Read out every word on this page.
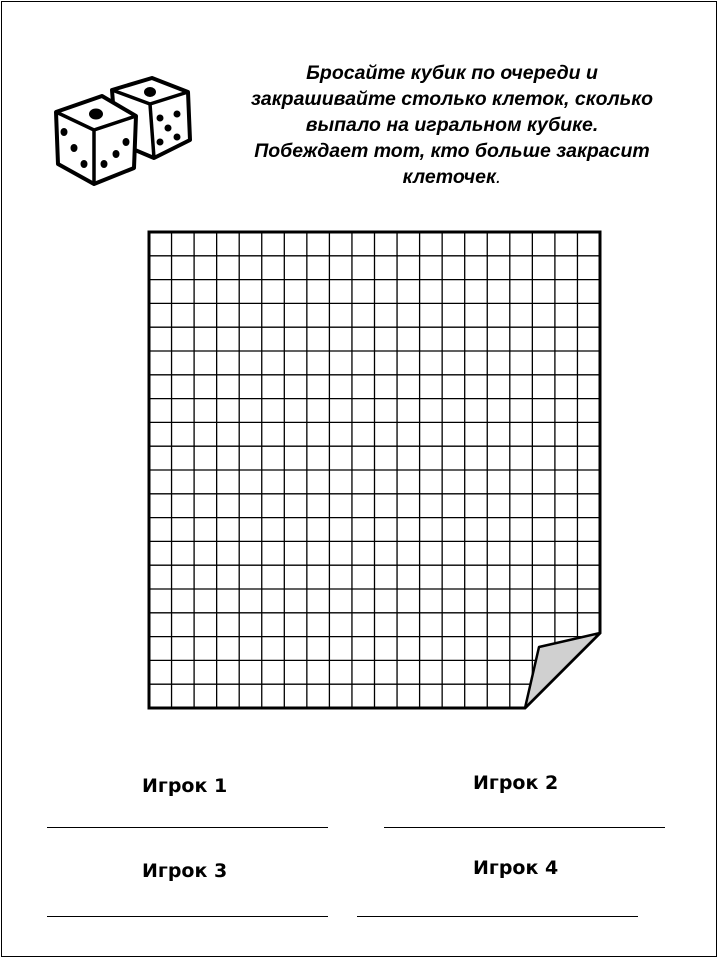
Бросайте кубик по очереди и
закрашивайте столько клеток, сколько
выпало на игральном кубике.
Побеждает тот, кто больше закрасит
клеточек.
Игрок 1	Игрок 2
Игрок 3	Игрок 4
